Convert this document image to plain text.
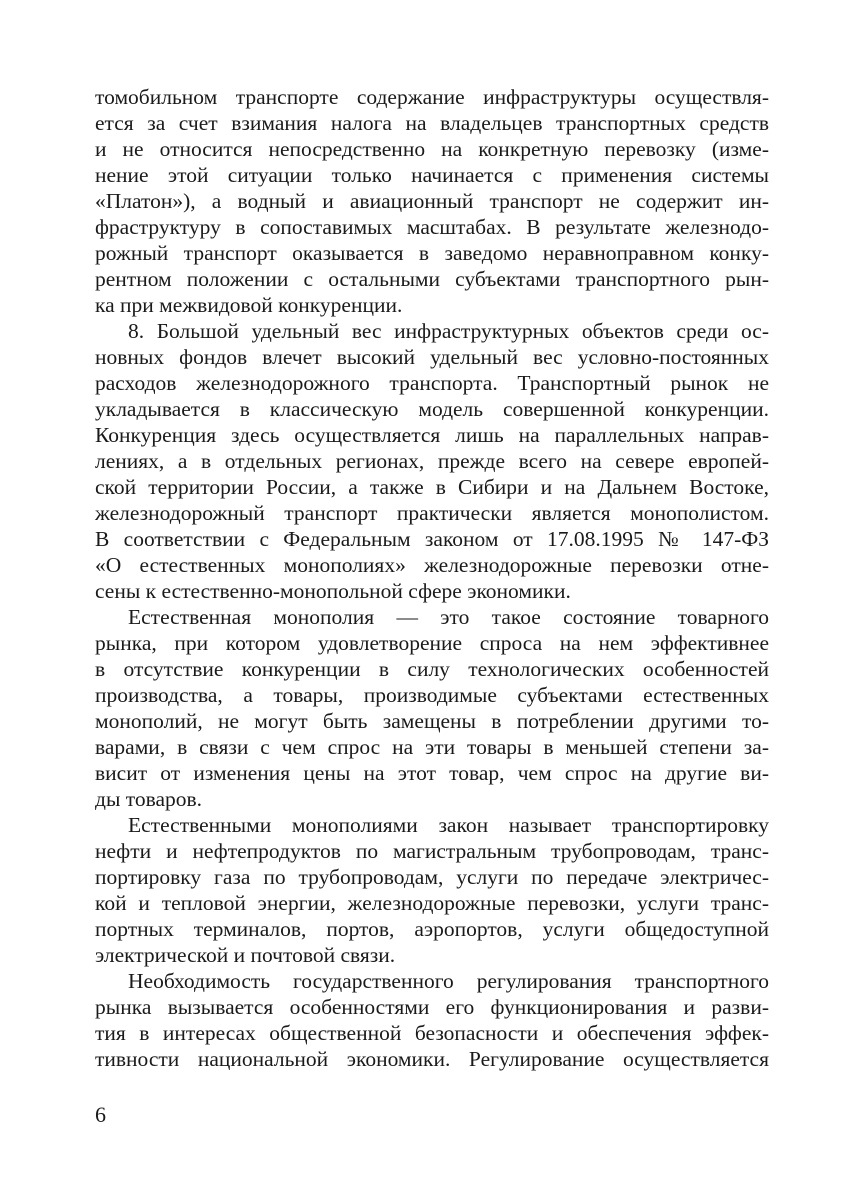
томобильном транспорте содержание инфраструктуры осуществля-
ется за счет взимания налога на владельцев транспортных средств
и не относится непосредственно на конкретную перевозку (изме-
нение этой ситуации только начинается с применения системы
«Платон»), а водный и авиационный транспорт не содержит ин-
фраструктуру в сопоставимых масштабах. В результате железнодо-
рожный транспорт оказывается в заведомо неравноправном конку-
рентном положении с остальными субъектами транспортного рын-
ка при межвидовой конкуренции.
8. Большой удельный вес инфраструктурных объектов среди ос-
новных фондов влечет высокий удельный вес условно-постоянных
расходов железнодорожного транспорта. Транспортный рынок не
укладывается в классическую модель совершенной конкуренции.
Конкуренция здесь осуществляется лишь на параллельных направ-
лениях, а в отдельных регионах, прежде всего на севере европей-
ской территории России, а также в Сибири и на Дальнем Востоке,
железнодорожный транспорт практически является монополистом.
В соответствии с Федеральным законом от 17.08.1995 № 147-ФЗ
«О естественных монополиях» железнодорожные перевозки отне-
сены к естественно-монопольной сфере экономики.
Естественная монополия — это такое состояние товарного
рынка, при котором удовлетворение спроса на нем эффективнее
в отсутствие конкуренции в силу технологических особенностей
производства, а товары, производимые субъектами естественных
монополий, не могут быть замещены в потреблении другими то-
варами, в связи с чем спрос на эти товары в меньшей степени за-
висит от изменения цены на этот товар, чем спрос на другие ви-
ды товаров.
Естественными монополиями закон называет транспортировку
нефти и нефтепродуктов по магистральным трубопроводам, транс-
портировку газа по трубопроводам, услуги по передаче электричес-
кой и тепловой энергии, железнодорожные перевозки, услуги транс-
портных терминалов, портов, аэропортов, услуги общедоступной
электрической и почтовой связи.
Необходимость государственного регулирования транспортного
рынка вызывается особенностями его функционирования и разви-
тия в интересах общественной безопасности и обеспечения эффек-
тивности национальной экономики. Регулирование осуществляется
6
